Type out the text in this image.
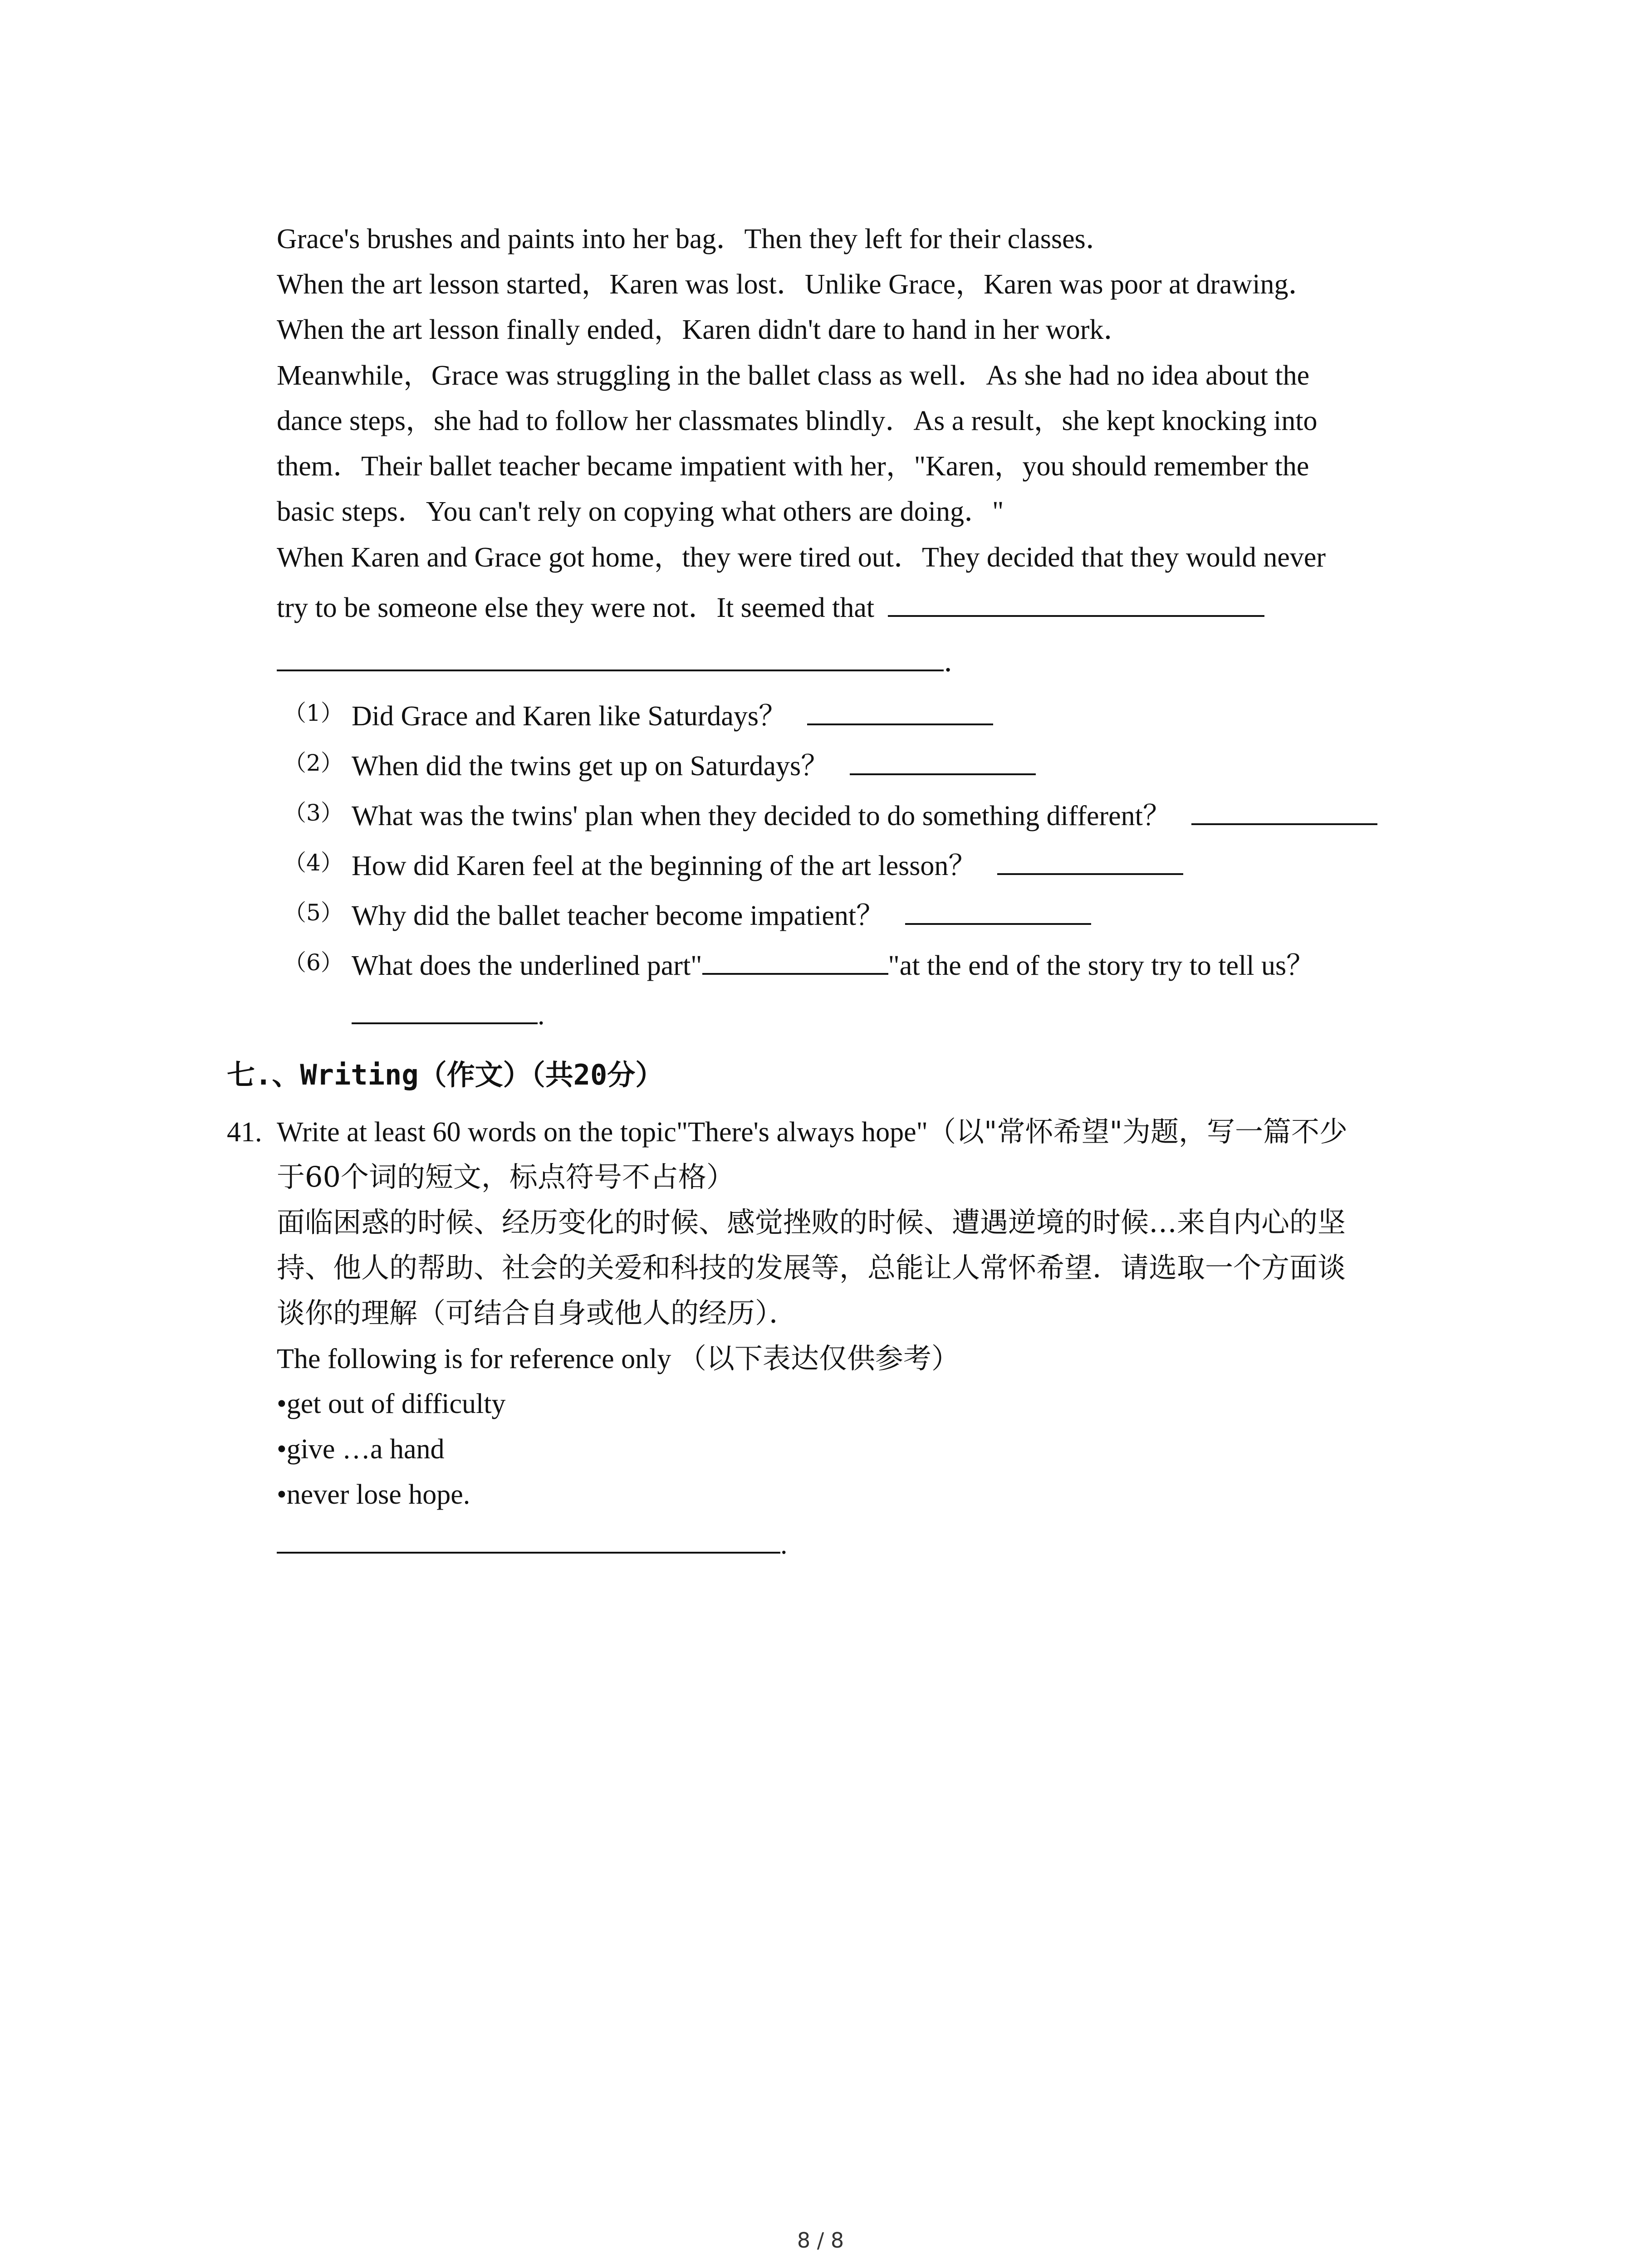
Grace's brushes and paints into her bag．Then they left for their classes．
When the art lesson started，Karen was lost．Unlike Grace，Karen was poor at drawing．
When the art lesson finally ended，Karen didn't dare to hand in her work．
Meanwhile，Grace was struggling in the ballet class as well．As she had no idea about the
dance steps，she had to follow her classmates blindly．As a result，she kept knocking into
them．Their ballet teacher became impatient with her，"Karen，you should remember the
basic steps．You can't rely on copying what others are doing．"
When Karen and Grace got home，they were tired out．They decided that they would never
try to be someone else they were not．It seemed that
．
（1） Did Grace and Karen like Saturdays？
（2） When did the twins get up on Saturdays？
（3） What was the twins' plan when they decided to do something different？
（4） How did Karen feel at the beginning of the art lesson？
（5） Why did the ballet teacher become impatient？
（6） What does the underlined part"	"at the end of the story try to tell us？
.
七.、Writing（作文）（共20分）
41. Write at least 60 words on the topic"There's always hope"（以"常怀希望"为题，写一篇不少
于60个词的短文，标点符号不占格）
面临困惑的时候、经历变化的时候、感觉挫败的时候、遭遇逆境的时候…来自内心的坚
持、他人的帮助、社会的关爱和科技的发展等，总能让人常怀希望．请选取一个方面谈
谈你的理解（可结合自身或他人的经历）．
The following is for reference only （以下表达仅供参考）
•get out of difficulty
•give …a hand
•never lose hope.
.
8 / 8
